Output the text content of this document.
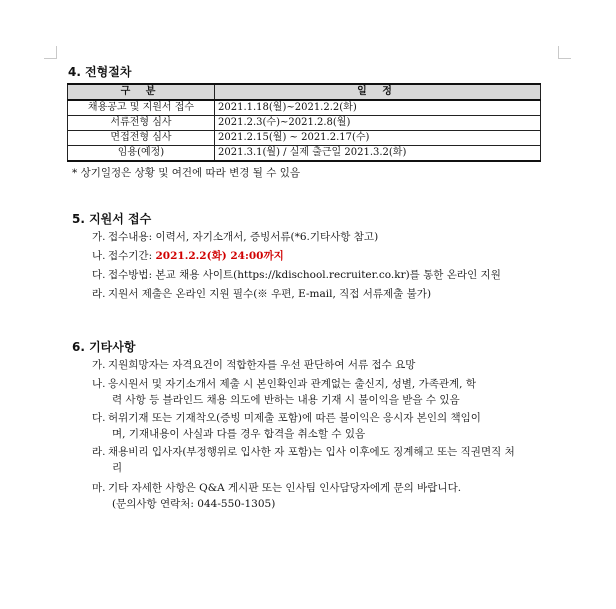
4. 전형절차
구 분	일 정
채용공고 및 지원서 접수	2021.1.18(월)~2021.2.2(화)
서류전형 심사	2021.2.3(수)~2021.2.8(월)
면접전형 심사	2021.2.15(월) ~ 2021.2.17(수)
임용(예정)	2021.3.1(월) / 실제 출근일 2021.3.2(화)
* 상기일정은 상황 및 여건에 따라 변경 될 수 있음
5. 지원서 접수
가. 접수내용: 이력서, 자기소개서, 증빙서류(*6.기타사항 참고)
나. 접수기간: 2021.2.2(화) 24:00까지
다. 접수방법: 본교 채용 사이트(https://kdischool.recruiter.co.kr)를 통한 온라인 지원
라. 지원서 제출은 온라인 지원 필수(※ 우편, E-mail, 직접 서류제출 불가)
6. 기타사항
가. 지원희망자는 자격요건이 적합한자를 우선 판단하여 서류 접수 요망
나. 응시원서 및 자기소개서 제출 시 본인확인과 관계없는 출신지, 성별, 가족관계, 학
력 사항 등 블라인드 채용 의도에 반하는 내용 기재 시 불이익을 받을 수 있음
다. 허위기재 또는 기재착오(증빙 미제출 포함)에 따른 불이익은 응시자 본인의 책임이
며, 기재내용이 사실과 다를 경우 합격을 취소할 수 있음
라. 채용비리 입사자(부정행위로 입사한 자 포함)는 입사 이후에도 징계해고 또는 직권면직 처
리
마. 기타 자세한 사항은 Q&A 게시판 또는 인사팀 인사담당자에게 문의 바랍니다.
(문의사항 연락처: 044-550-1305)
